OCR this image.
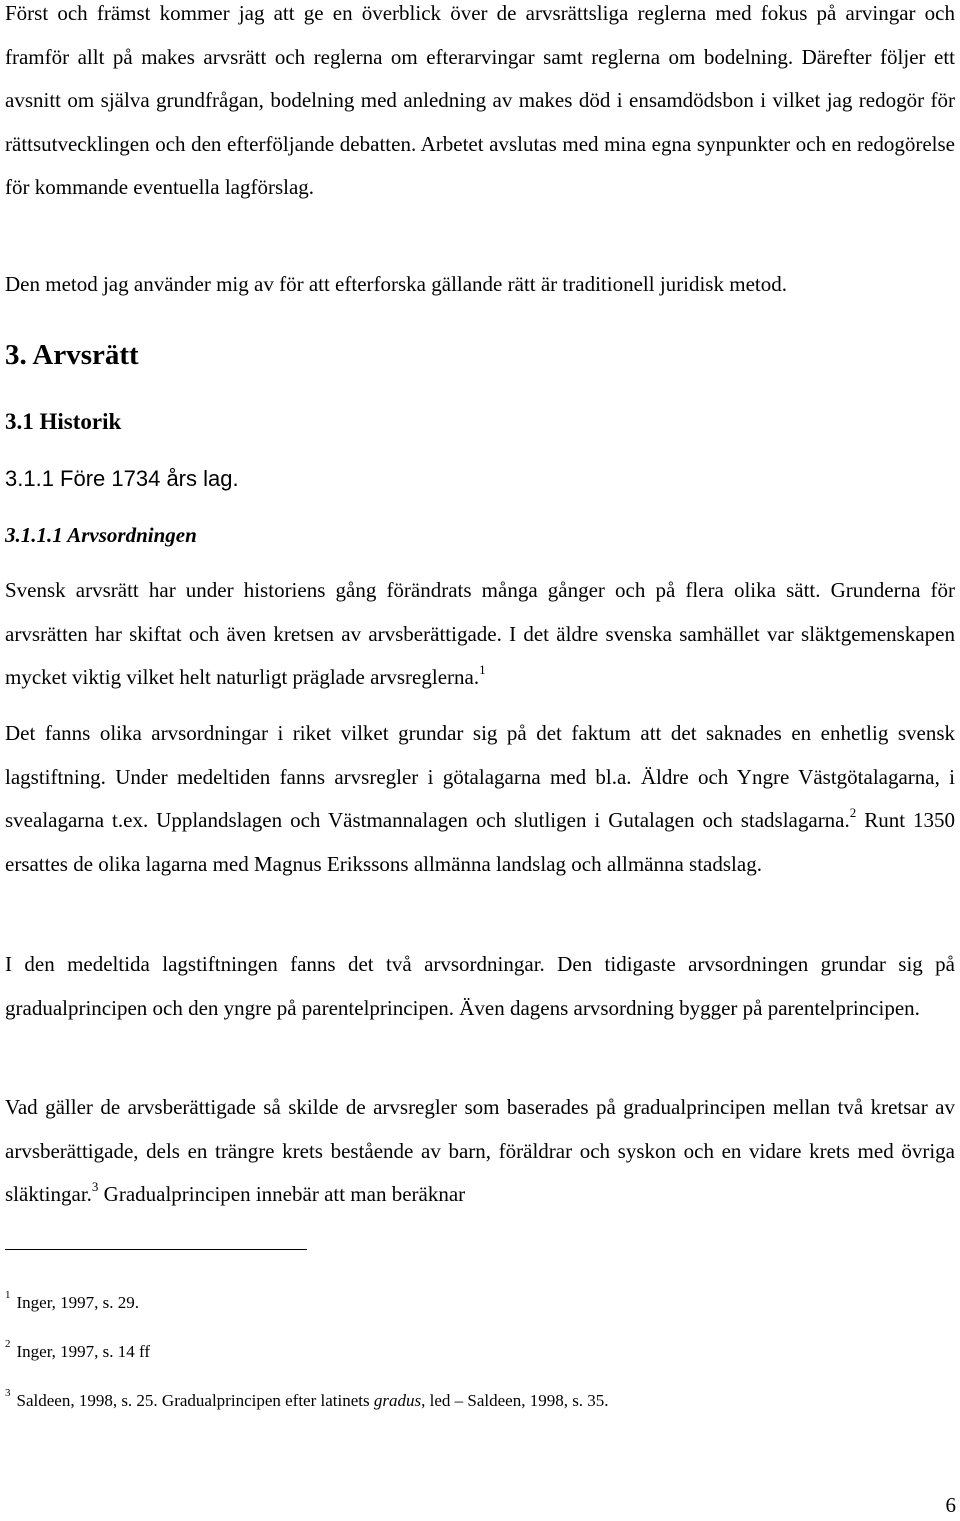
Först och främst kommer jag att ge en överblick över de arvsrättsliga reglerna med fokus på arvingar och framför allt på makes arvsrätt och reglerna om efterarvingar samt reglerna om bodelning. Därefter följer ett avsnitt om själva grundfrågan, bodelning med anledning av makes död i ensamdödsbon i vilket jag redogör för rättsutvecklingen och den efterföljande debatten. Arbetet avslutas med mina egna synpunkter och en redogörelse för kommande eventuella lagförslag.

Den metod jag använder mig av för att efterforska gällande rätt är traditionell juridisk metod.

3. Arvsrätt
3.1 Historik
3.1.1 Före 1734 års lag.
3.1.1.1 Arvsordningen

Svensk arvsrätt har under historiens gång förändrats många gånger och på flera olika sätt. Grunderna för arvsrätten har skiftat och även kretsen av arvsberättigade. I det äldre svenska samhället var släktgemenskapen mycket viktig vilket helt naturligt präglade arvsreglerna.$^1$

Det fanns olika arvsordningar i riket vilket grundar sig på det faktum att det saknades en enhetlig svensk lagstiftning. Under medeltiden fanns arvsregler i götalagarna med bl.a. Äldre och Yngre Västgötalagarna, i svealagarna t.ex. Upplandslagen och Västmannalagen och slutligen i Gutalagen och stadslagarna.$^2$ Runt 1350 ersattes de olika lagarna med Magnus Erikssons allmänna landslag och allmänna stadslag.

I den medeltida lagstiftningen fanns det två arvsordningar. Den tidigaste arvsordningen grundar sig på gradualprincipen och den yngre på parentelprincipen. Även dagens arvsordning bygger på parentelprincipen.

Vad gäller de arvsberättigade så skilde de arvsregler som baserades på gradualprincipen mellan två kretsar av arvsberättigade, dels en trängre krets bestående av barn, föräldrar och syskon och en vidare krets med övriga släktingar.$^3$ Gradualprincipen innebär att man beräknar

$^1$ Inger, 1997, s. 29.

$^2$ Inger, 1997, s. 14 ff

$^3$ Saldeen, 1998, s. 25. Gradualprincipen efter latinets gradus, led – Saldeen, 1998, s. 35.

6
